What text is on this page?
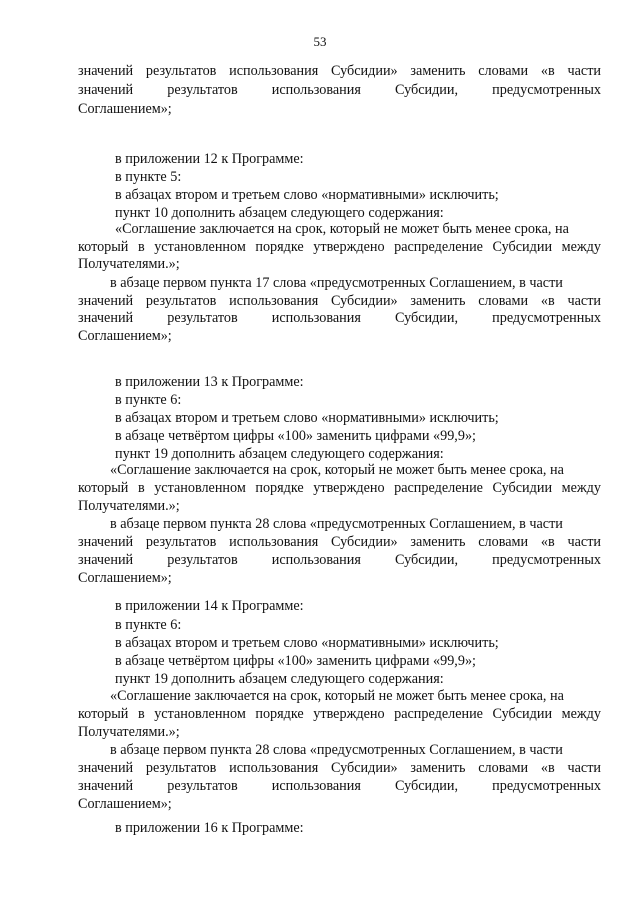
53
значений результатов использования Субсидии» заменить словами «в части
значений результатов использования Субсидии, предусмотренных
Соглашением»;
в приложении 12 к Программе:
в пункте 5:
в абзацах втором и третьем слово «нормативными» исключить;
пункт 10 дополнить абзацем следующего содержания:
«Соглашение заключается на срок, который не может быть менее срока, на
который в установленном порядке утверждено распределение Субсидии между
Получателями.»;
в абзаце первом пункта 17 слова «предусмотренных Соглашением, в части
значений результатов использования Субсидии» заменить словами «в части
значений результатов использования Субсидии, предусмотренных
Соглашением»;
в приложении 13 к Программе:
в пункте 6:
в абзацах втором и третьем слово «нормативными» исключить;
в абзаце четвёртом цифры «100» заменить цифрами «99,9»;
пункт 19 дополнить абзацем следующего содержания:
«Соглашение заключается на срок, который не может быть менее срока, на
который в установленном порядке утверждено распределение Субсидии между
Получателями.»;
в абзаце первом пункта 28 слова «предусмотренных Соглашением, в части
значений результатов использования Субсидии» заменить словами «в части
значений результатов использования Субсидии, предусмотренных
Соглашением»;
в приложении 14 к Программе:
в пункте 6:
в абзацах втором и третьем слово «нормативными» исключить;
в абзаце четвёртом цифры «100» заменить цифрами «99,9»;
пункт 19 дополнить абзацем следующего содержания:
«Соглашение заключается на срок, который не может быть менее срока, на
который в установленном порядке утверждено распределение Субсидии между
Получателями.»;
в абзаце первом пункта 28 слова «предусмотренных Соглашением, в части
значений результатов использования Субсидии» заменить словами «в части
значений результатов использования Субсидии, предусмотренных
Соглашением»;
в приложении 16 к Программе:
